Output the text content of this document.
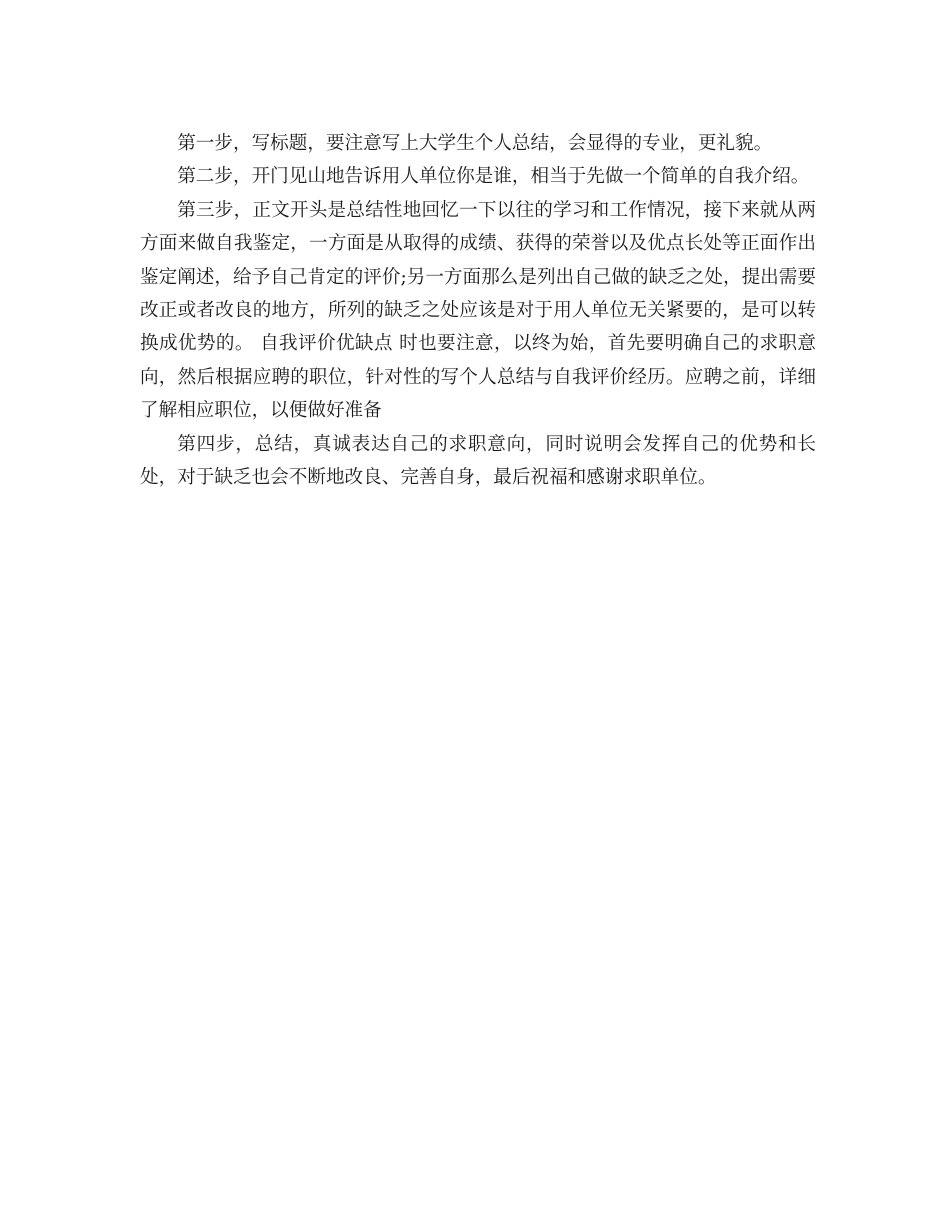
第一步，写标题，要注意写上大学生个人总结，会显得的专业，更礼貌。

第二步，开门见山地告诉用人单位你是谁，相当于先做一个简单的自我介绍。

第三步，正文开头是总结性地回忆一下以往的学习和工作情况，接下来就从两方面来做自我鉴定，一方面是从取得的成绩、获得的荣誉以及优点长处等正面作出鉴定阐述，给予自己肯定的评价;另一方面那么是列出自己做的缺乏之处，提出需要改正或者改良的地方，所列的缺乏之处应该是对于用人单位无关紧要的，是可以转换成优势的。 自我评价优缺点 时也要注意，以终为始，首先要明确自己的求职意向，然后根据应聘的职位，针对性的写个人总结与自我评价经历。应聘之前，详细了解相应职位，以便做好准备

第四步，总结，真诚表达自己的求职意向，同时说明会发挥自己的优势和长处，对于缺乏也会不断地改良、完善自身，最后祝福和感谢求职单位。
